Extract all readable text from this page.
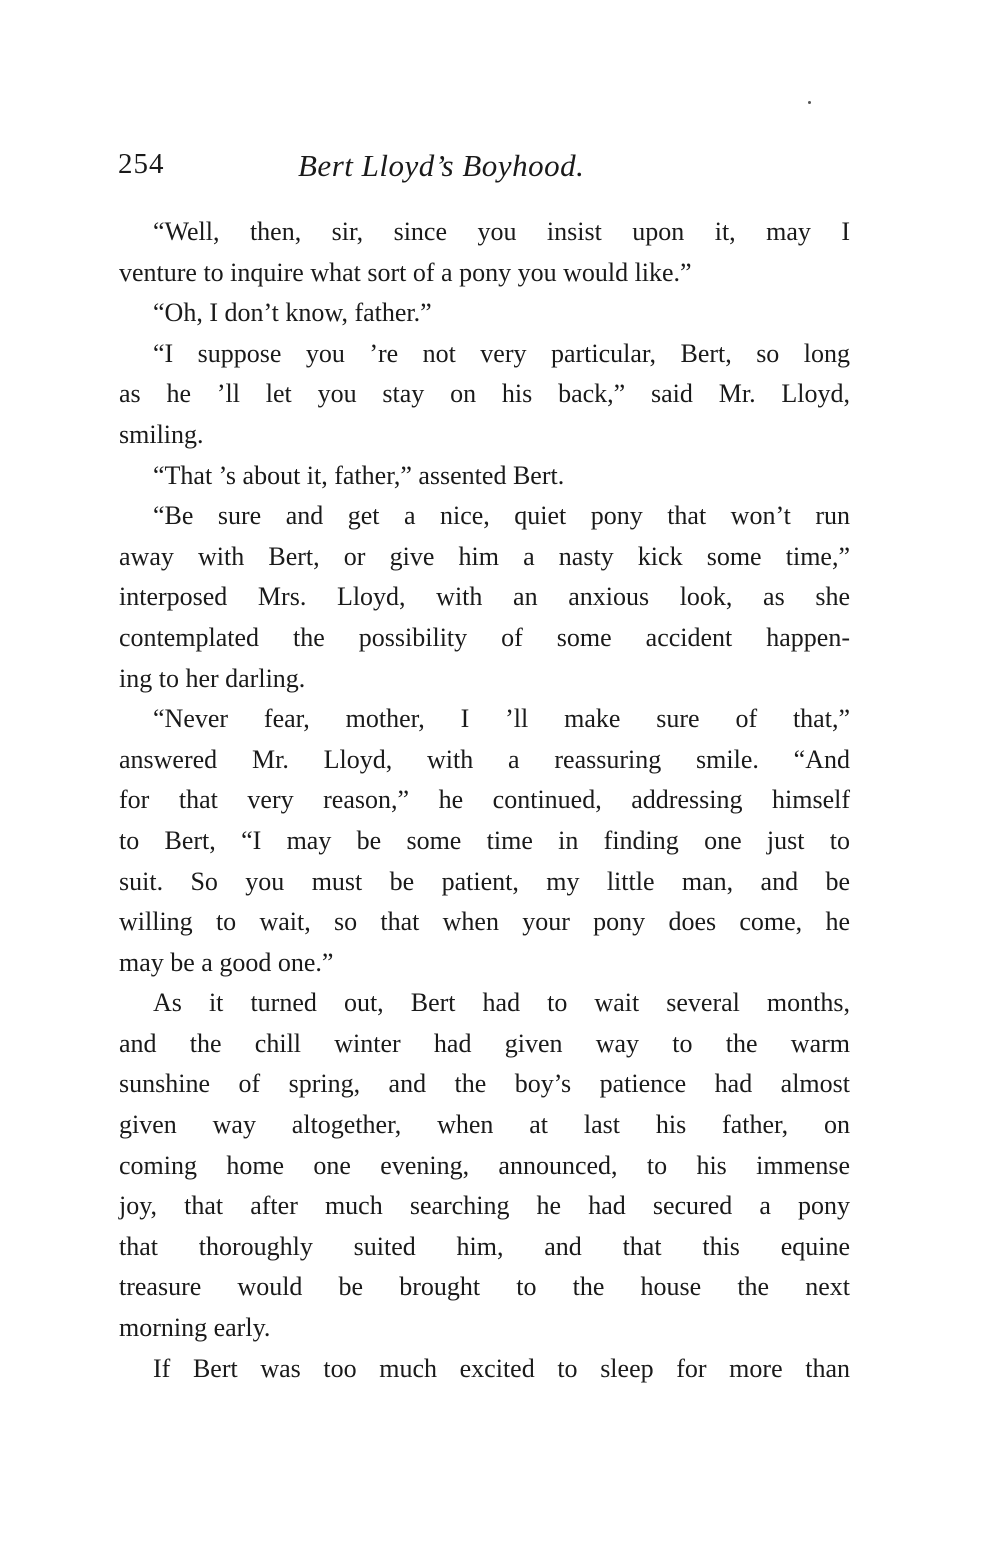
254	Bert Lloyd’s Boyhood.
“Well, then, sir, since you insist upon it, may I
venture to inquire what sort of a pony you would like.”
“Oh, I don’t know, father.”
“I suppose you ’re not very particular, Bert, so long
as he ’ll let you stay on his back,” said Mr. Lloyd,
smiling.
“That ’s about it, father,” assented Bert.
“Be sure and get a nice, quiet pony that won’t run
away with Bert, or give him a nasty kick some time,”
interposed Mrs. Lloyd, with an anxious look, as she
contemplated the possibility of some accident happen-
ing to her darling.
“Never fear, mother, I ’ll make sure of that,”
answered Mr. Lloyd, with a reassuring smile. “And
for that very reason,” he continued, addressing himself
to Bert, “I may be some time in finding one just to
suit. So you must be patient, my little man, and be
willing to wait, so that when your pony does come, he
may be a good one.”
As it turned out, Bert had to wait several months,
and the chill winter had given way to the warm
sunshine of spring, and the boy’s patience had almost
given way altogether, when at last his father, on
coming home one evening, announced, to his immense
joy, that after much searching he had secured a pony
that thoroughly suited him, and that this equine
treasure would be brought to the house the next
morning early.
If Bert was too much excited to sleep for more than
